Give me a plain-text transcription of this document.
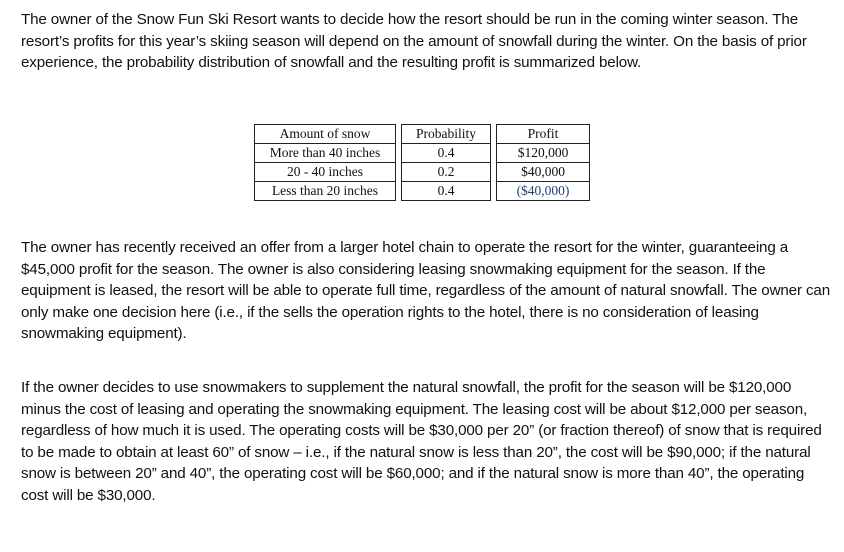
The owner of the Snow Fun Ski Resort wants to decide how the resort should be run in the coming winter season. The resort’s profits for this year’s skiing season will depend on the amount of snowfall during the winter. On the basis of prior experience, the probability distribution of snowfall and the resulting profit is summarized below.

Amount of snow		Probability		Profit
More than 40 inches		0.4		$120,000
20 - 40 inches		0.2		$40,000
Less than 20 inches		0.4		($40,000)

The owner has recently received an offer from a larger hotel chain to operate the resort for the winter, guaranteeing a $45,000 profit for the season. The owner is also considering leasing snowmaking equipment for the season. If the equipment is leased, the resort will be able to operate full time, regardless of the amount of natural snowfall. The owner can only make one decision here (i.e., if the sells the operation rights to the hotel, there is no consideration of leasing snowmaking equipment).

If the owner decides to use snowmakers to supplement the natural snowfall, the profit for the season will be $120,000 minus the cost of leasing and operating the snowmaking equipment. The leasing cost will be about $12,000 per season, regardless of how much it is used. The operating costs will be $30,000 per 20” (or fraction thereof) of snow that is required to be made to obtain at least 60” of snow – i.e., if the natural snow is less than 20”, the cost will be $90,000; if the natural snow is between 20” and 40”, the operating cost will be $60,000; and if the natural snow is more than 40”, the operating cost will be $30,000.
